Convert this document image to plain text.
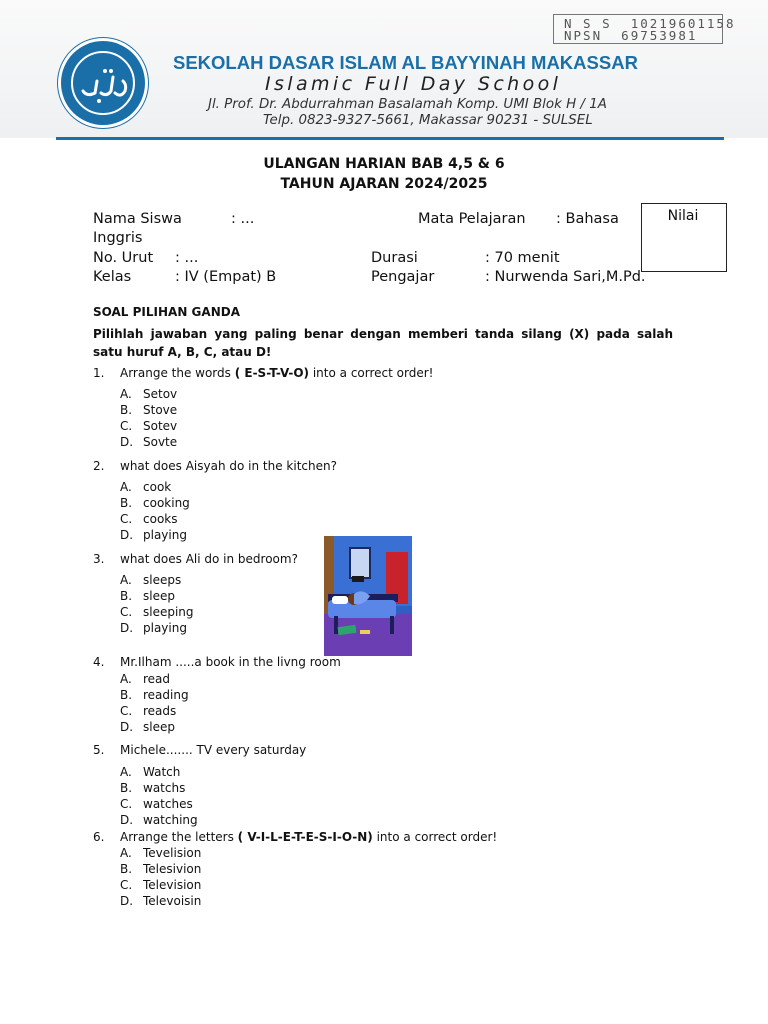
N S S 10219601158
NPSN 69753981
SEKOLAH DASAR ISLAM AL BAYYINAH MAKASSAR
Islamic Full Day School
Jl. Prof. Dr. Abdurrahman Basalamah Komp. UMI Blok H / 1A
Telp. 0823-9327-5661, Makassar 90231 - SULSEL
ULANGAN HARIAN BAB 4,5 & 6
TAHUN AJARAN 2024/2025
Nama Siswa	: ...	Mata Pelajaran : Bahasa
Inggris
No. Urut : ...	Durasi	: 70 menit
Kelas	: IV (Empat) B	Pengajar	: Nurwenda Sari,M.Pd.
Nilai
SOAL PILIHAN GANDA
Pilihlah jawaban yang paling benar dengan memberi tanda silang (X) pada salah satu huruf A, B, C, atau D!
1. Arrange the words ( E-S-T-V-O) into a correct order!
A. Setov
B. Stove
C. Sotev
D. Sovte
2. what does Aisyah do in the kitchen?
A. cook
B. cooking
C. cooks
D. playing
3. what does Ali do in bedroom?
A. sleeps
B. sleep
C. sleeping
D. playing
4. Mr.Ilham .....a book in the livng room
A. read
B. reading
C. reads
D. sleep
5. Michele....... TV every saturday
A. Watch
B. watchs
C. watches
D. watching
6. Arrange the letters ( V-I-L-E-T-E-S-I-O-N) into a correct order!
A. Tevelision
B. Telesivion
C. Television
D. Televoisin
